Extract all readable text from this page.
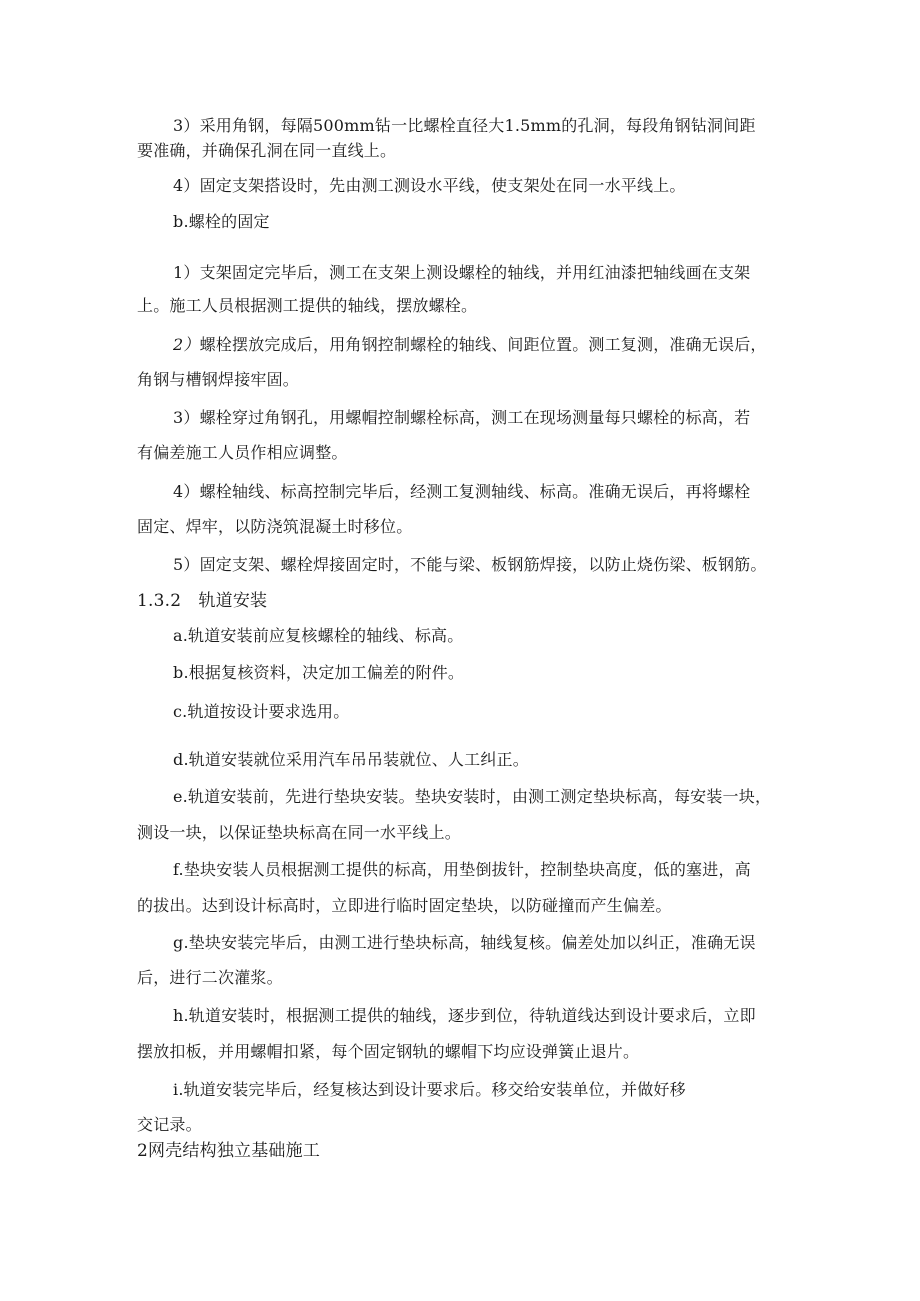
3）采用角钢，每隔500mm钻一比螺栓直径大1.5mm的孔洞，每段角钢钻洞间距
要准确，并确保孔洞在同一直线上。
4）固定支架搭设时，先由测工测设水平线，使支架处在同一水平线上。
b.螺栓的固定
1）支架固定完毕后，测工在支架上测设螺栓的轴线，并用红油漆把轴线画在支架
上。施工人员根据测工提供的轴线，摆放螺栓。
2）螺栓摆放完成后，用角钢控制螺栓的轴线、间距位置。测工复测，准确无误后，
角钢与槽钢焊接牢固。
3）螺栓穿过角钢孔，用螺帽控制螺栓标高，测工在现场测量每只螺栓的标高，若
有偏差施工人员作相应调整。
4）螺栓轴线、标高控制完毕后，经测工复测轴线、标高。准确无误后，再将螺栓
固定、焊牢，以防浇筑混凝土时移位。
5）固定支架、螺栓焊接固定时，不能与梁、板钢筋焊接，以防止烧伤梁、板钢筋。
1.3.2　轨道安装
a.轨道安装前应复核螺栓的轴线、标高。
b.根据复核资料，决定加工偏差的附件。
c.轨道按设计要求选用。
d.轨道安装就位采用汽车吊吊装就位、人工纠正。
e.轨道安装前，先进行垫块安装。垫块安装时，由测工测定垫块标高，每安装一块，
测设一块，以保证垫块标高在同一水平线上。
f.垫块安装人员根据测工提供的标高，用垫倒拔针，控制垫块高度，低的塞进，高
的拔出。达到设计标高时，立即进行临时固定垫块，以防碰撞而产生偏差。
g.垫块安装完毕后，由测工进行垫块标高，轴线复核。偏差处加以纠正，准确无误
后，进行二次灌浆。
h.轨道安装时，根据测工提供的轴线，逐步到位，待轨道线达到设计要求后，立即
摆放扣板，并用螺帽扣紧，每个固定钢轨的螺帽下均应设弹簧止退片。
i.轨道安装完毕后，经复核达到设计要求后。移交给安装单位，并做好移
交记录。
2网壳结构独立基础施工
